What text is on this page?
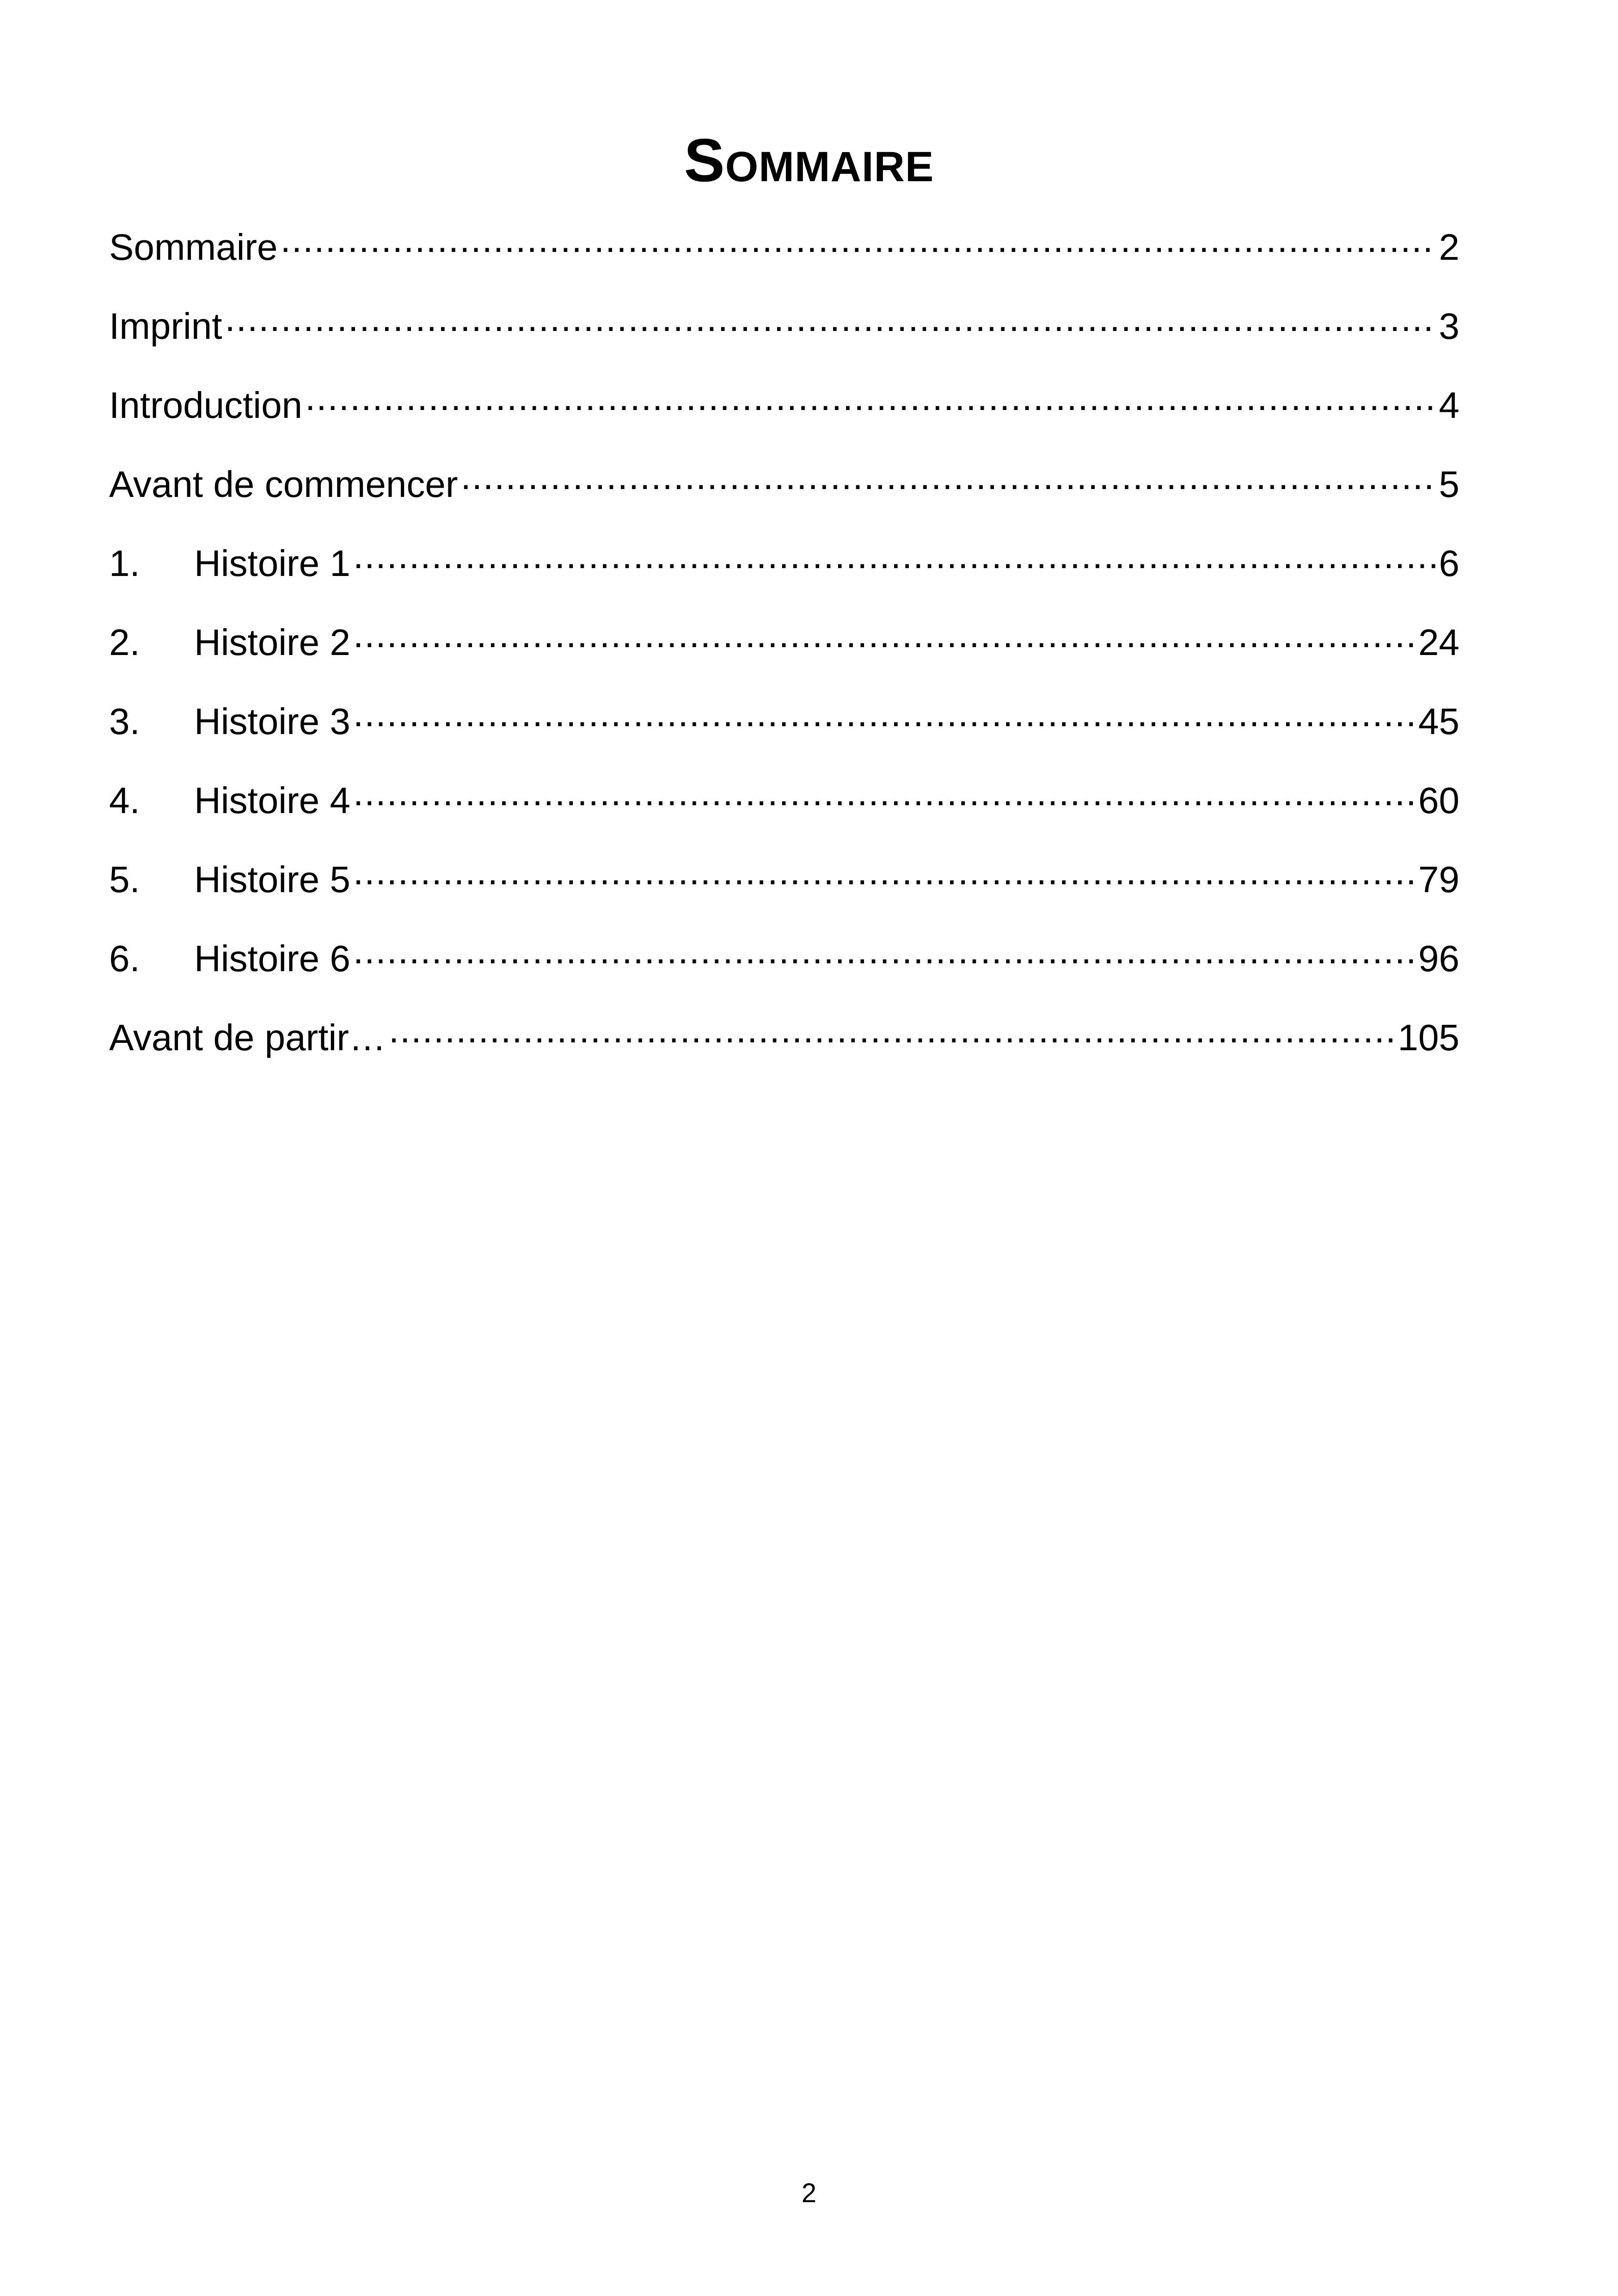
Sommaire
Sommaire .....	2
Imprint .....	3
Introduction .....	4
Avant de commencer .....	5
1.	Histoire 1 .....	6
2.	Histoire 2 .....	24
3.	Histoire 3 .....	45
4.	Histoire 4 .....	60
5.	Histoire 5 .....	79
6.	Histoire 6 .....	96
Avant de partir… .....	105
2
